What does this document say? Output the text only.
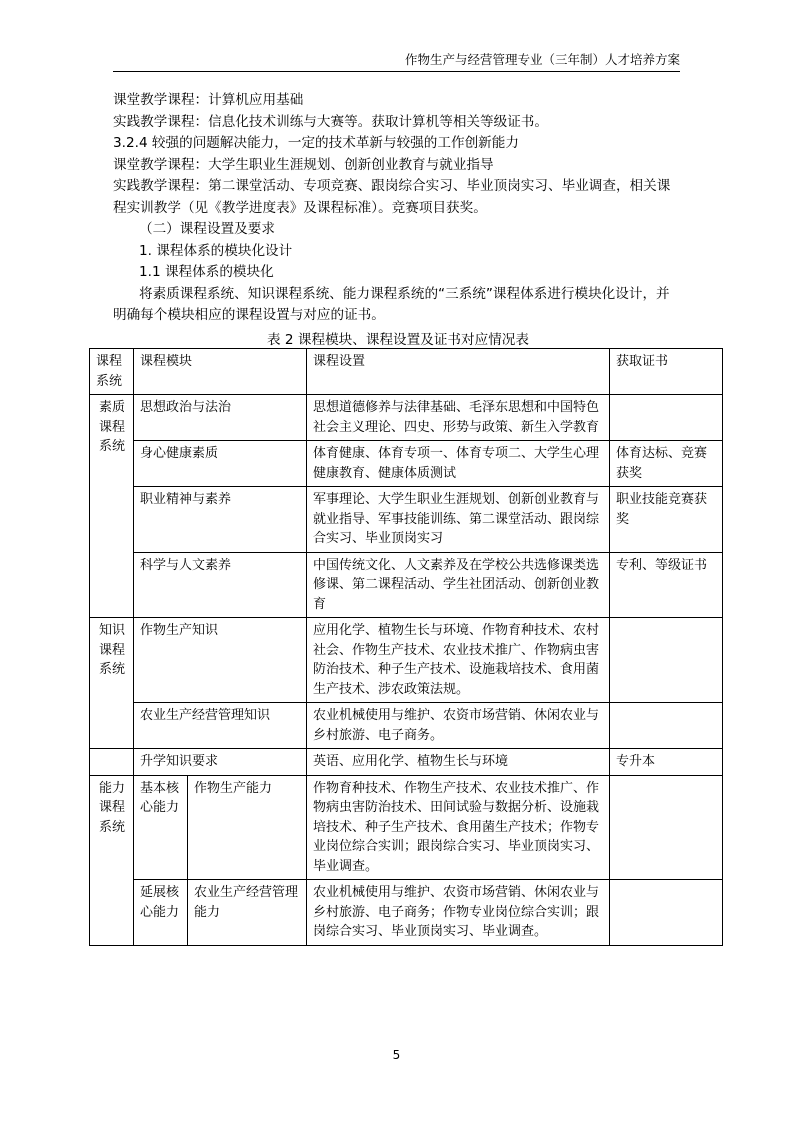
作物生产与经营管理专业（三年制）人才培养方案

课堂教学课程：计算机应用基础

实践教学课程：信息化技术训练与大赛等。获取计算机等相关等级证书。

3.2.4 较强的问题解决能力，一定的技术革新与较强的工作创新能力

课堂教学课程：大学生职业生涯规划、创新创业教育与就业指导

实践教学课程：第二课堂活动、专项竞赛、跟岗综合实习、毕业顶岗实习、毕业调查，相关课程实训教学（见《教学进度表》及课程标准）。竞赛项目获奖。

（二）课程设置及要求

1. 课程体系的模块化设计

1.1 课程体系的模块化

将素质课程系统、知识课程系统、能力课程系统的“三系统”课程体系进行模块化设计，并明确每个模块相应的课程设置与对应的证书。

表 2 课程模块、课程设置及证书对应情况表
课程系统	课程模块		课程设置	获取证书
素质课程系统	思想政治与法治		思想道德修养与法律基础、毛泽东思想和中国特色社会主义理论、四史、形势与政策、新生入学教育	
	身心健康素质		体育健康、体育专项一、体育专项二、大学生心理健康教育、健康体质测试	体育达标、竞赛获奖
	职业精神与素养		军事理论、大学生职业生涯规划、创新创业教育与就业指导、军事技能训练、第二课堂活动、跟岗综合实习、毕业顶岗实习	职业技能竞赛获奖
	科学与人文素养		中国传统文化、人文素养及在学校公共选修课类选修课、第二课程活动、学生社团活动、创新创业教育	专利、等级证书
知识课程系统	作物生产知识		应用化学、植物生长与环境、作物育种技术、农村社会、作物生产技术、农业技术推广、作物病虫害防治技术、种子生产技术、设施栽培技术、食用菌生产技术、涉农政策法规。	
	农业生产经营管理知识		农业机械使用与维护、农资市场营销、休闲农业与乡村旅游、电子商务。	
	升学知识要求		英语、应用化学、植物生长与环境	专升本
能力课程系统	基本核心能力	作物生产能力	作物育种技术、作物生产技术、农业技术推广、作物病虫害防治技术、田间试验与数据分析、设施栽培技术、种子生产技术、食用菌生产技术；作物专业岗位综合实训；跟岗综合实习、毕业顶岗实习、毕业调查。	
	延展核心能力	农业生产经营管理能力	农业机械使用与维护、农资市场营销、休闲农业与乡村旅游、电子商务；作物专业岗位综合实训；跟岗综合实习、毕业顶岗实习、毕业调查。	
5
